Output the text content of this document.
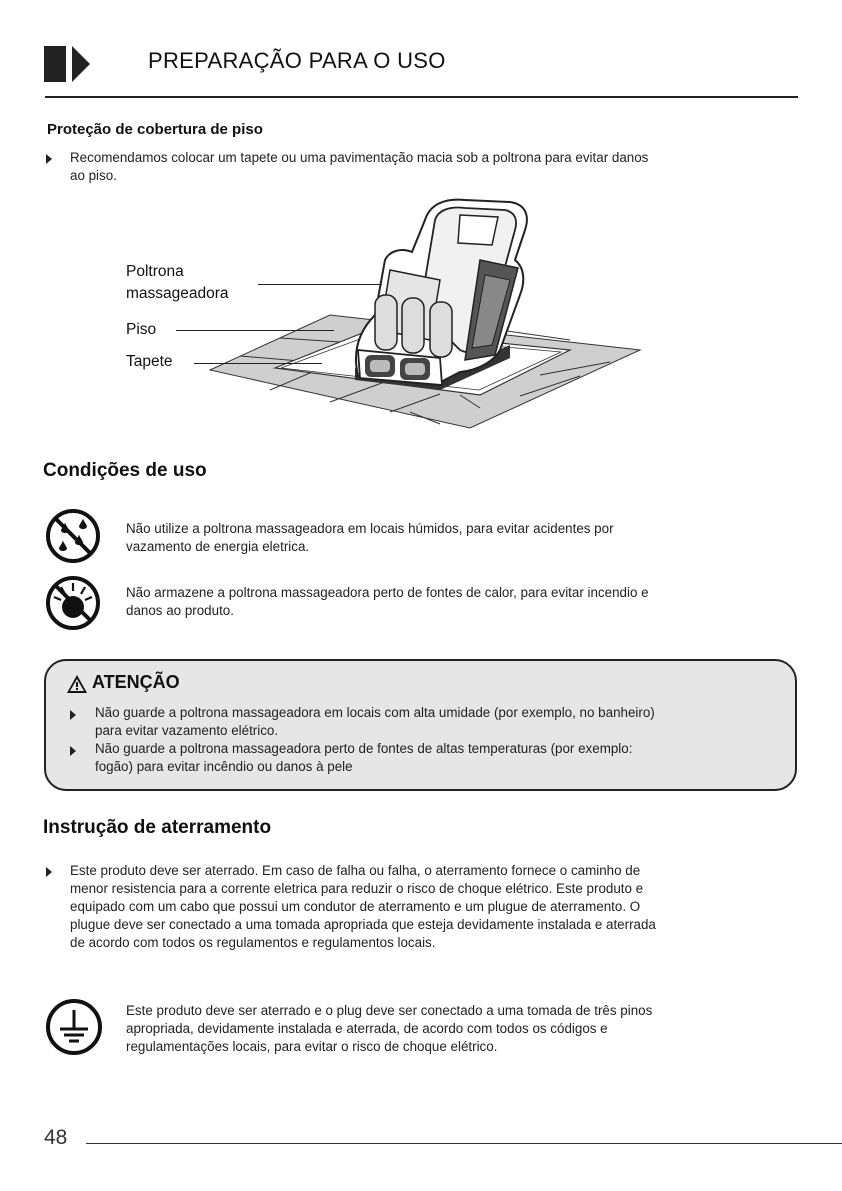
PREPARAÇÃO PARA O USO
Proteção de cobertura de piso
Recomendamos colocar um tapete ou uma pavimentação macia sob a poltrona para evitar danos
ao piso.
Poltrona
massageadora
Piso
Tapete
Condições de uso
Não utilize a poltrona massageadora em locais húmidos, para evitar acidentes por
vazamento de energia eletrica.
Não armazene a poltrona massageadora perto de fontes de calor, para evitar incendio e
danos ao produto.
ATENÇÃO
Não guarde a poltrona massageadora em locais com alta umidade (por exemplo, no banheiro)
para evitar vazamento elétrico.
Não guarde a poltrona massageadora perto de fontes de altas temperaturas (por exemplo:
fogão) para evitar incêndio ou danos à pele
Instrução de aterramento
Este produto deve ser aterrado. Em caso de falha ou falha, o aterramento fornece o caminho de
menor resistencia para a corrente eletrica para reduzir o risco de choque elétrico. Este produto e
equipado com um cabo que possui um condutor de aterramento e um plugue de aterramento. O
plugue deve ser conectado a uma tomada apropriada que esteja devidamente instalada e aterrada
de acordo com todos os regulamentos e regulamentos locais.
Este produto deve ser aterrado e o plug deve ser conectado a uma tomada de três pinos
apropriada, devidamente instalada e aterrada, de acordo com todos os códigos e
regulamentações locais, para evitar o risco de choque elétrico.
48
